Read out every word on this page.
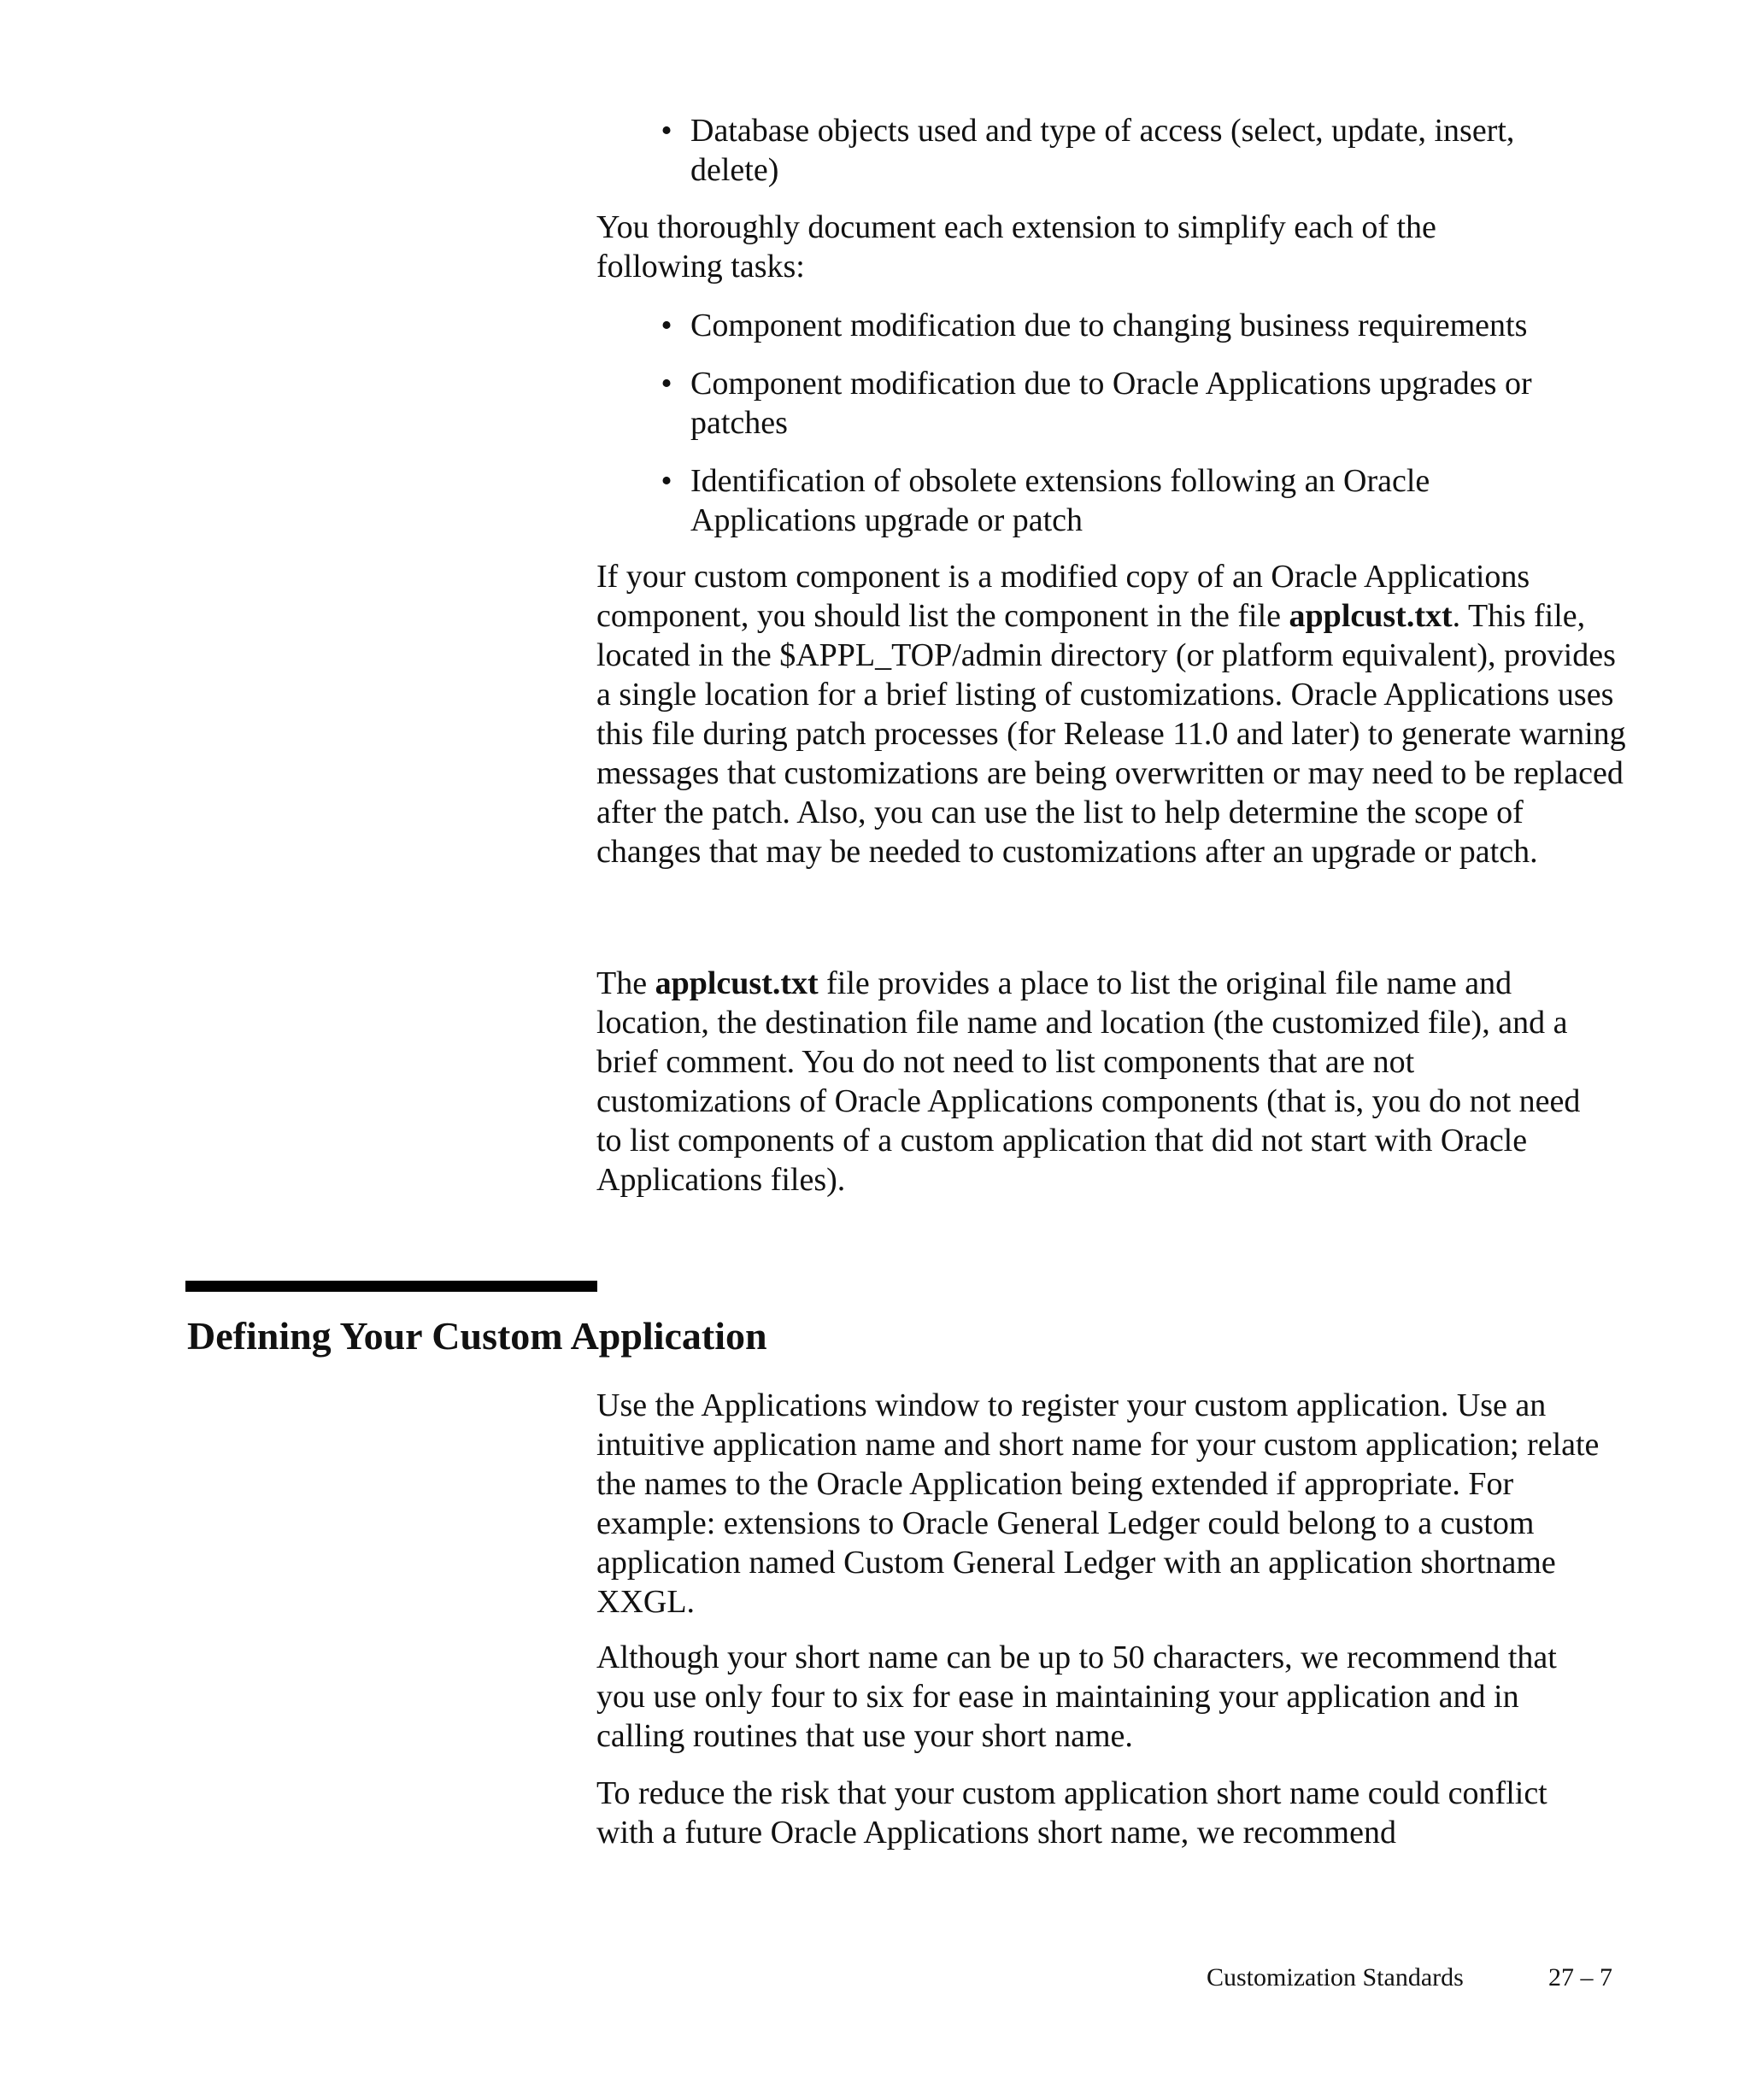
• Database objects used and type of access (select, update, insert,
delete)

You thoroughly document each extension to simplify each of the following tasks:

• Component modification due to changing business requirements
• Component modification due to Oracle Applications upgrades or patches
• Identification of obsolete extensions following an Oracle Applications upgrade or patch

If your custom component is a modified copy of an Oracle Applications component, you should list the component in the file applcust.txt. This file, located in the $APPL_TOP/admin directory (or platform equivalent), provides a single location for a brief listing of customizations. Oracle Applications uses this file during patch processes (for Release 11.0 and later) to generate warning messages that customizations are being overwritten or may need to be replaced after the patch. Also, you can use the list to help determine the scope of changes that may be needed to customizations after an upgrade or patch.

The applcust.txt file provides a place to list the original file name and location, the destination file name and location (the customized file), and a brief comment. You do not need to list components that are not customizations of Oracle Applications components (that is, you do not need to list components of a custom application that did not start with Oracle Applications files).

Defining Your Custom Application

Use the Applications window to register your custom application. Use an intuitive application name and short name for your custom application; relate the names to the Oracle Application being extended if appropriate. For example: extensions to Oracle General Ledger could belong to a custom application named Custom General Ledger with an application shortname XXGL.

Although your short name can be up to 50 characters, we recommend that you use only four to six for ease in maintaining your application and in calling routines that use your short name.

To reduce the risk that your custom application short name could conflict with a future Oracle Applications short name, we recommend

Customization Standards	27 – 7
